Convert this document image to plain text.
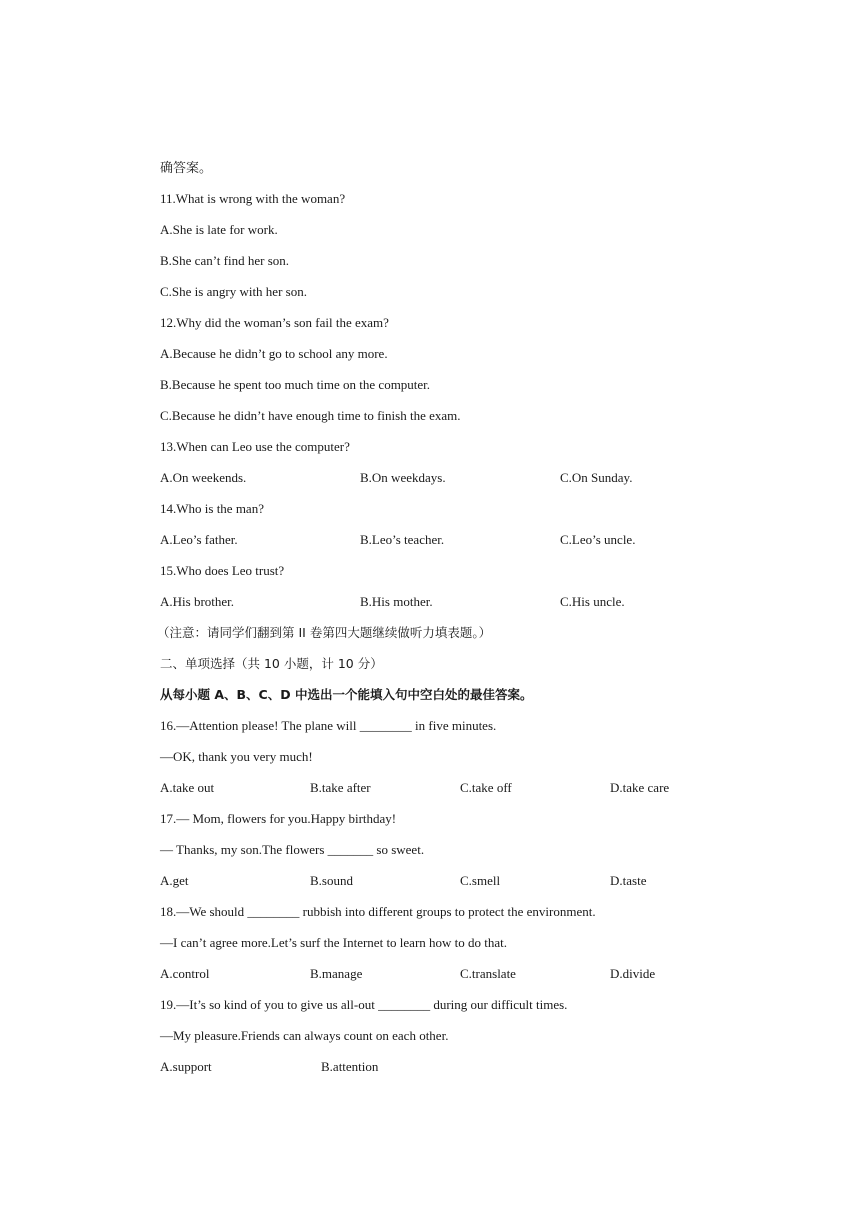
确答案。
11.What is wrong with the woman?
A.She is late for work.
B.She can’t find her son.
C.She is angry with her son.
12.Why did the woman’s son fail the exam?
A.Because he didn’t go to school any more.
B.Because he spent too much time on the computer.
C.Because he didn’t have enough time to finish the exam.
13.When can Leo use the computer?
A.On weekends.	B.On weekdays.	C.On Sunday.
14.Who is the man?
A.Leo’s father.	B.Leo’s teacher.	C.Leo’s uncle.
15.Who does Leo trust?
A.His brother.	B.His mother.	C.His uncle.
（注意：请同学们翻到第 II 卷第四大题继续做听力填表题。）
二、单项选择（共 10 小题，计 10 分）
从每小题 A、B、C、D 中选出一个能填入句中空白处的最佳答案。
16.—Attention please! The plane will ________ in five minutes.
—OK, thank you very much!
A.take out	B.take after	C.take off	D.take care
17.— Mom, flowers for you.Happy birthday!
— Thanks, my son.The flowers _______ so sweet.
A.get	B.sound	C.smell	D.taste
18.—We should ________ rubbish into different groups to protect the environment.
—I can’t agree more.Let’s surf the Internet to learn how to do that.
A.control	B.manage	C.translate	D.divide
19.—It’s so kind of you to give us all-out ________ during our difficult times.
—My pleasure.Friends can always count on each other.
A.support	B.attention
